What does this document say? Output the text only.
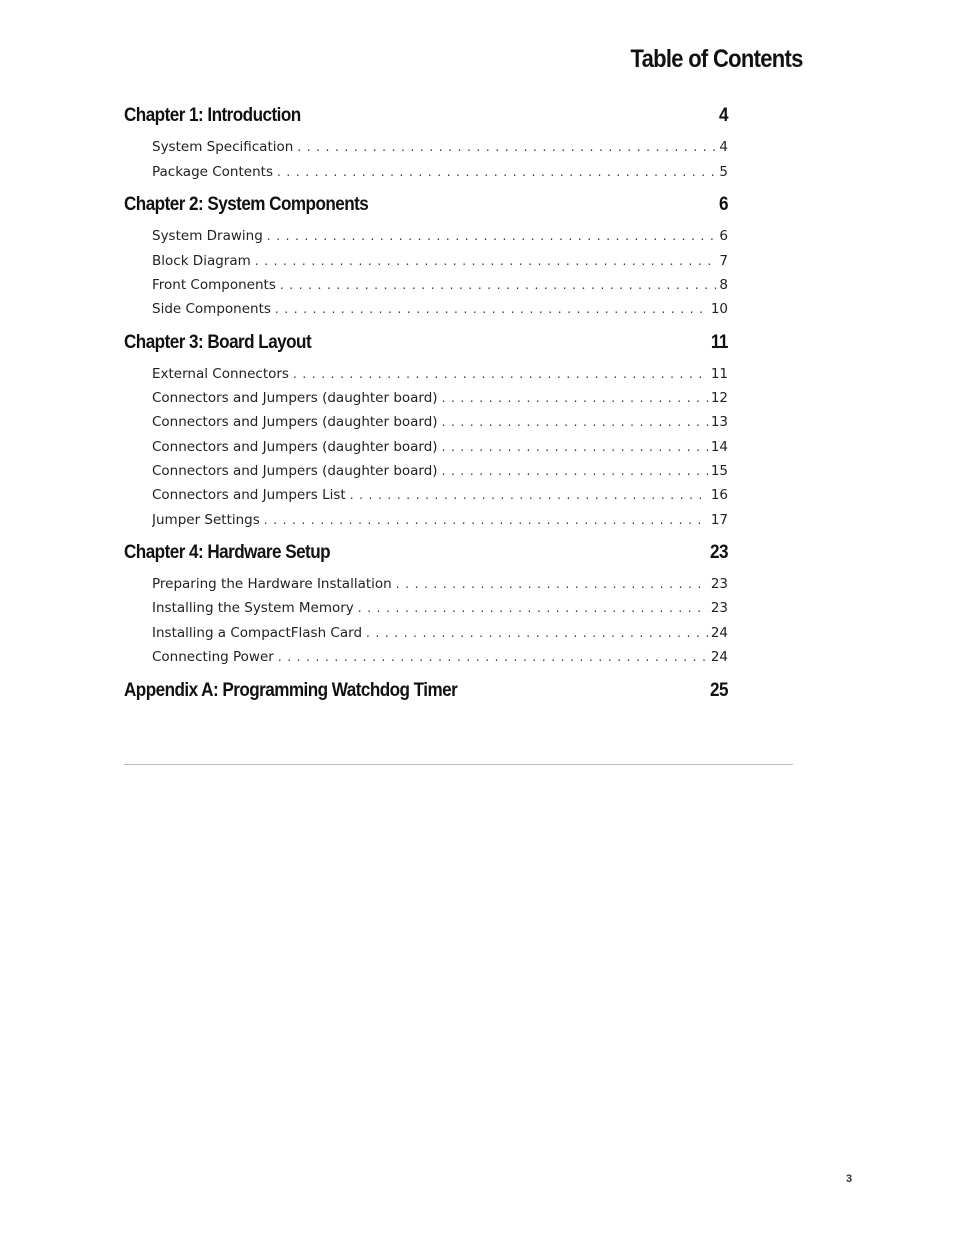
Table of Contents
Chapter 1: Introduction	4
System Specification . . .	4
Package Contents . . .	5
Chapter 2: System Components	6
System Drawing . . .	6
Block Diagram . . .	7
Front Components . . .	8
Side Components . . .	10
Chapter 3: Board Layout	11
External Connectors . . .	11
Connectors and Jumpers (daughter board) . . .	12
Connectors and Jumpers (daughter board) . . .	13
Connectors and Jumpers (daughter board) . . .	14
Connectors and Jumpers (daughter board) . . .	15
Connectors and Jumpers List . . .	16
Jumper Settings . . .	17
Chapter 4: Hardware Setup	23
Preparing the Hardware Installation . . .	23
Installing the System Memory . . .	23
Installing a CompactFlash Card . . .	24
Connecting Power . . .	24
Appendix A: Programming Watchdog Timer	25
3
